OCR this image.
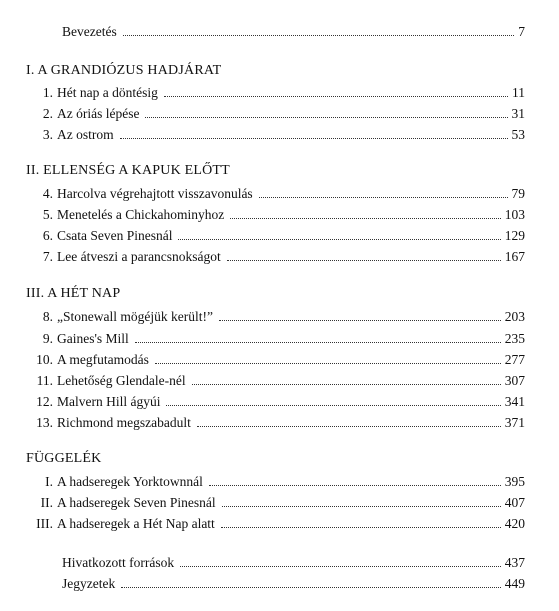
Bevezetés	7
I. A GRANDIÓZUS HADJÁRAT
1. Hét nap a döntésig	11
2. Az óriás lépése	31
3. Az ostrom	53
II. ELLENSÉG A KAPUK ELŐTT
4. Harcolva végrehajtott visszavonulás	79
5. Menetelés a Chickahominyhoz	103
6. Csata Seven Pinesnál	129
7. Lee átveszi a parancsnokságot	167
III. A HÉT NAP
8. „Stonewall mögéjük került!”	203
9. Gaines's Mill	235
10. A megfutamodás	277
11. Lehetőség Glendale-nél	307
12. Malvern Hill ágyúi	341
13. Richmond megszabadult	371
FÜGGELÉK
I. A hadseregek Yorktownnál	395
II. A hadseregek Seven Pinesnál	407
III. A hadseregek a Hét Nap alatt	420
Hivatkozott források	437
Jegyzetek	449
